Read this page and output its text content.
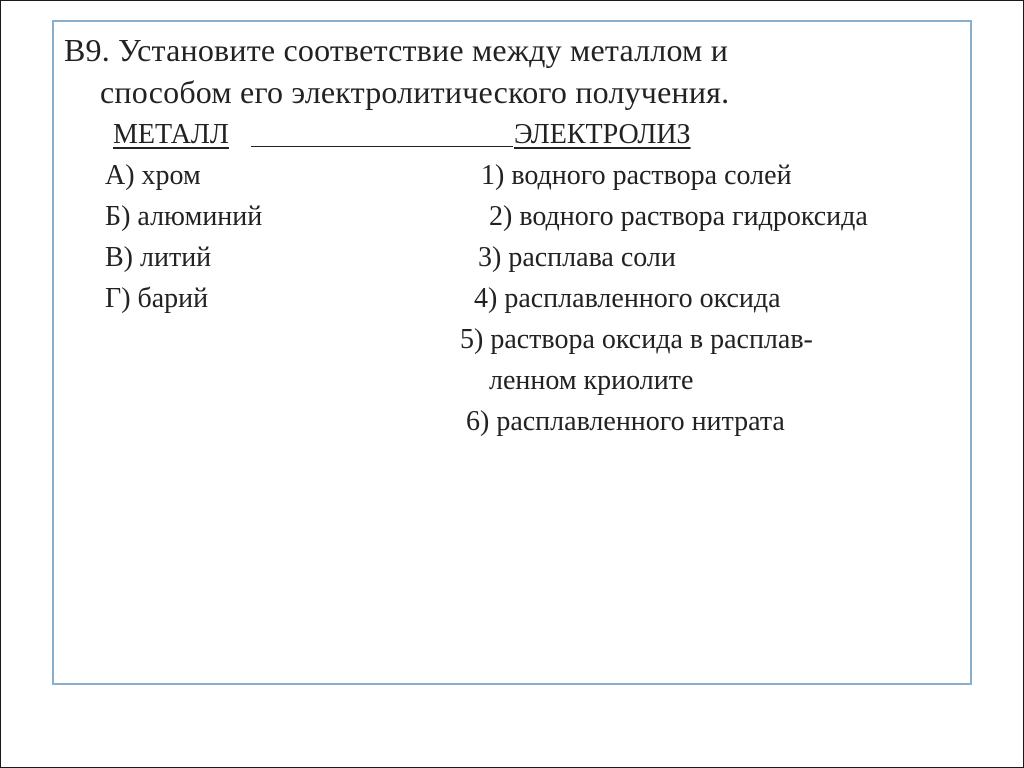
В9. Установите соответствие между металлом и
способом его электролитического получения.
МЕТАЛЛ	ЭЛЕКТРОЛИЗ
А) хром
Б) алюминий
В) литий
Г) барий
1) водного раствора солей
2) водного раствора гидроксида
3) расплава соли
4) расплавленного оксида
5) раствора оксида в расплав-
ленном криолите
6) расплавленного нитрата
